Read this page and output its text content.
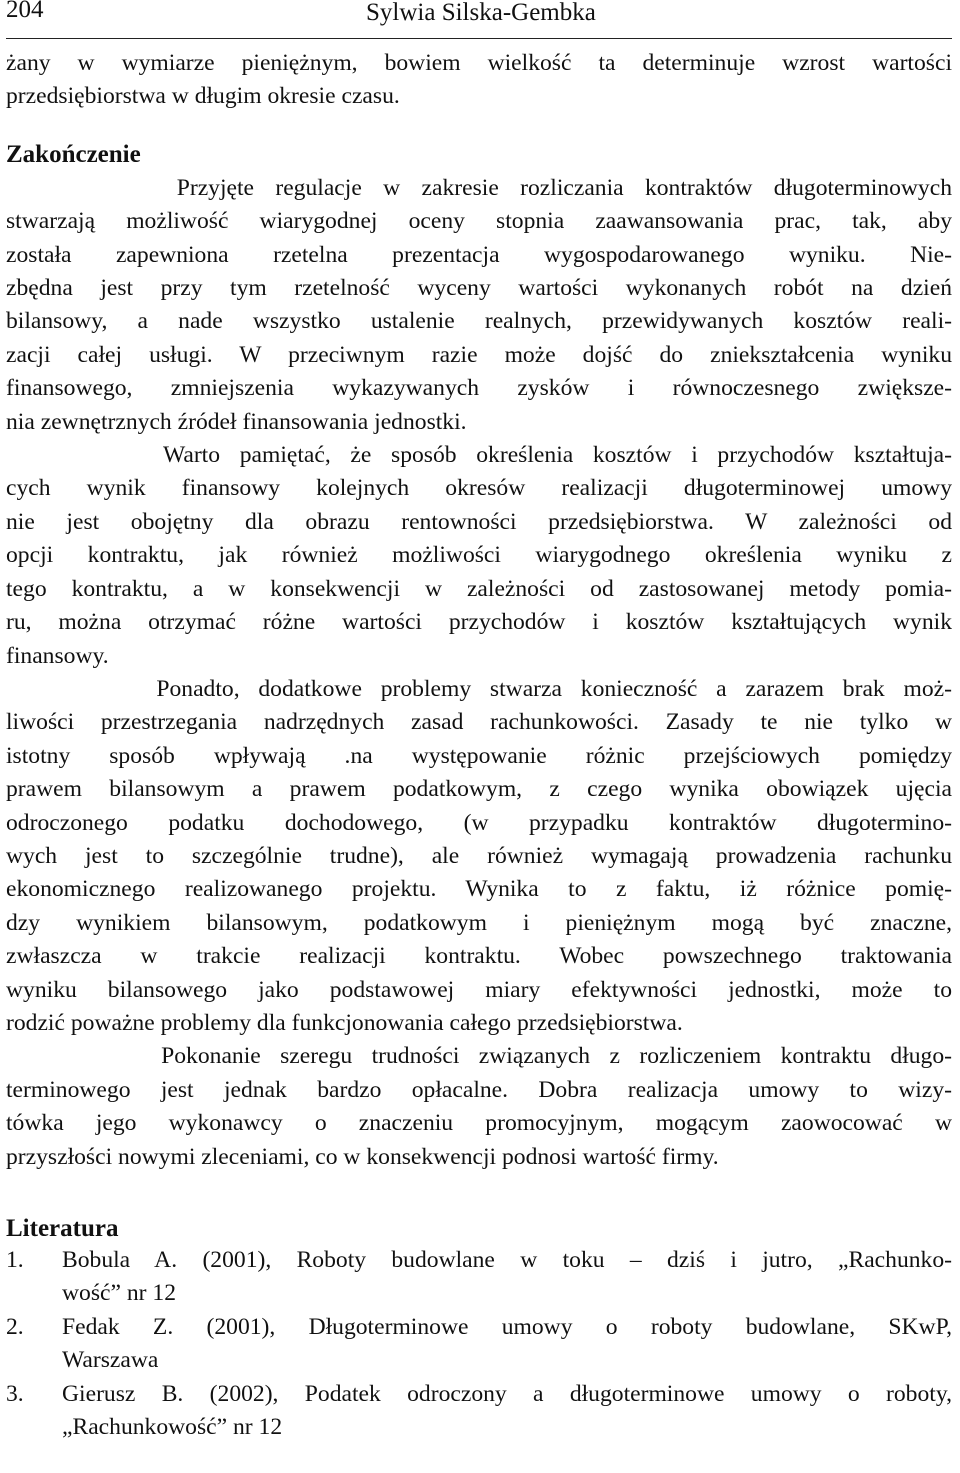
204	Sylwia Silska-Gembka

żany w wymiarze pieniężnym, bowiem wielkość ta determinuje wzrost wartości
przedsiębiorstwa w długim okresie czasu.

Zakończenie

Przyjęte regulacje w zakresie rozliczania kontraktów długoterminowych
stwarzają możliwość wiarygodnej oceny stopnia zaawansowania prac, tak, aby
została zapewniona rzetelna prezentacja wygospodarowanego wyniku. Nie-
zbędna jest przy tym rzetelność wyceny wartości wykonanych robót na dzień
bilansowy, a nade wszystko ustalenie realnych, przewidywanych kosztów reali-
zacji całej usługi. W przeciwnym razie może dojść do zniekształcenia wyniku
finansowego, zmniejszenia wykazywanych zysków i równoczesnego zwiększe-
nia zewnętrznych źródeł finansowania jednostki.

Warto pamiętać, że sposób określenia kosztów i przychodów kształtuja-
cych wynik finansowy kolejnych okresów realizacji długoterminowej umowy
nie jest obojętny dla obrazu rentowności przedsiębiorstwa. W zależności od
opcji kontraktu, jak również możliwości wiarygodnego określenia wyniku z
tego kontraktu, a w konsekwencji w zależności od zastosowanej metody pomia-
ru, można otrzymać różne wartości przychodów i kosztów kształtujących wynik
finansowy.

Ponadto, dodatkowe problemy stwarza konieczność a zarazem brak moż-
liwości przestrzegania nadrzędnych zasad rachunkowości. Zasady te nie tylko w
istotny sposób wpływają .na występowanie różnic przejściowych pomiędzy
prawem bilansowym a prawem podatkowym, z czego wynika obowiązek ujęcia
odroczonego podatku dochodowego, (w przypadku kontraktów długotermino-
wych jest to szczególnie trudne), ale również wymagają prowadzenia rachunku
ekonomicznego realizowanego projektu. Wynika to z faktu, iż różnice pomię-
dzy wynikiem bilansowym, podatkowym i pieniężnym mogą być znaczne,
zwłaszcza w trakcie realizacji kontraktu. Wobec powszechnego traktowania
wyniku bilansowego jako podstawowej miary efektywności jednostki, może to
rodzić poważne problemy dla funkcjonowania całego przedsiębiorstwa.

Pokonanie szeregu trudności związanych z rozliczeniem kontraktu długo-
terminowego jest jednak bardzo opłacalne. Dobra realizacja umowy to wizy-
tówka jego wykonawcy o znaczeniu promocyjnym, mogącym zaowocować w
przyszłości nowymi zleceniami, co w konsekwencji podnosi wartość firmy.

Literatura
1. Bobula A. (2001), Roboty budowlane w toku – dziś i jutro, „Rachunko-
wość” nr 12
2. Fedak Z. (2001), Długoterminowe umowy o roboty budowlane, SKwP,
Warszawa
3. Gierusz B. (2002), Podatek odroczony a długoterminowe umowy o roboty,
„Rachunkowość” nr 12
